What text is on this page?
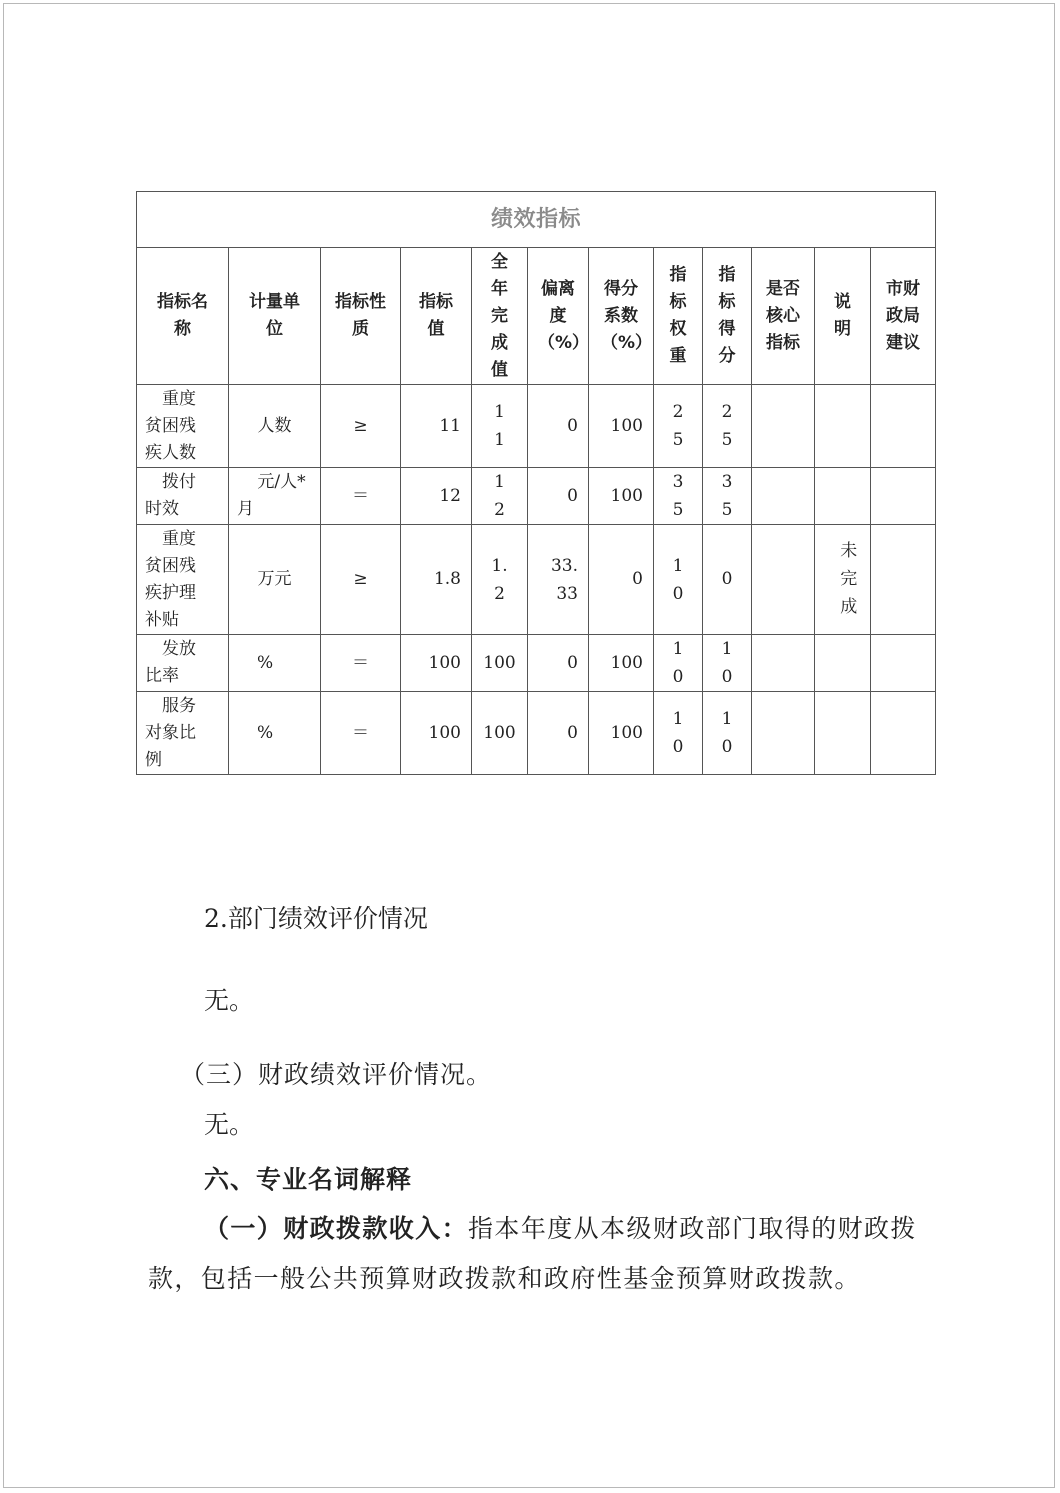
绩效指标											
指标名称	计量单位	指标性质	指标值	全年完成值	偏离度（%）	得分系数（%）	指标权重	指标得分	是否核心指标	说明	市财政局建议

重度贫困残疾人数	人数	≥	11	11	0	100	25	25			

拨付时效	元/人*月	＝	12	12	0	100	35	35			

重度贫困残疾护理补贴	万元	≥	1.8	1.2	33.33	0	10	0		未完成	

发放比率	%	＝	100	100	0	100	10	10			

服务对象比例	%	＝	100	100	0	100	10	10			
2.部门绩效评价情况
无。
（三）财政绩效评价情况。
无。
六、专业名词解释
（一）财政拨款收入：指本年度从本级财政部门取得的财政拨款，包括一般公共预算财政拨款和政府性基金预算财政拨款。
